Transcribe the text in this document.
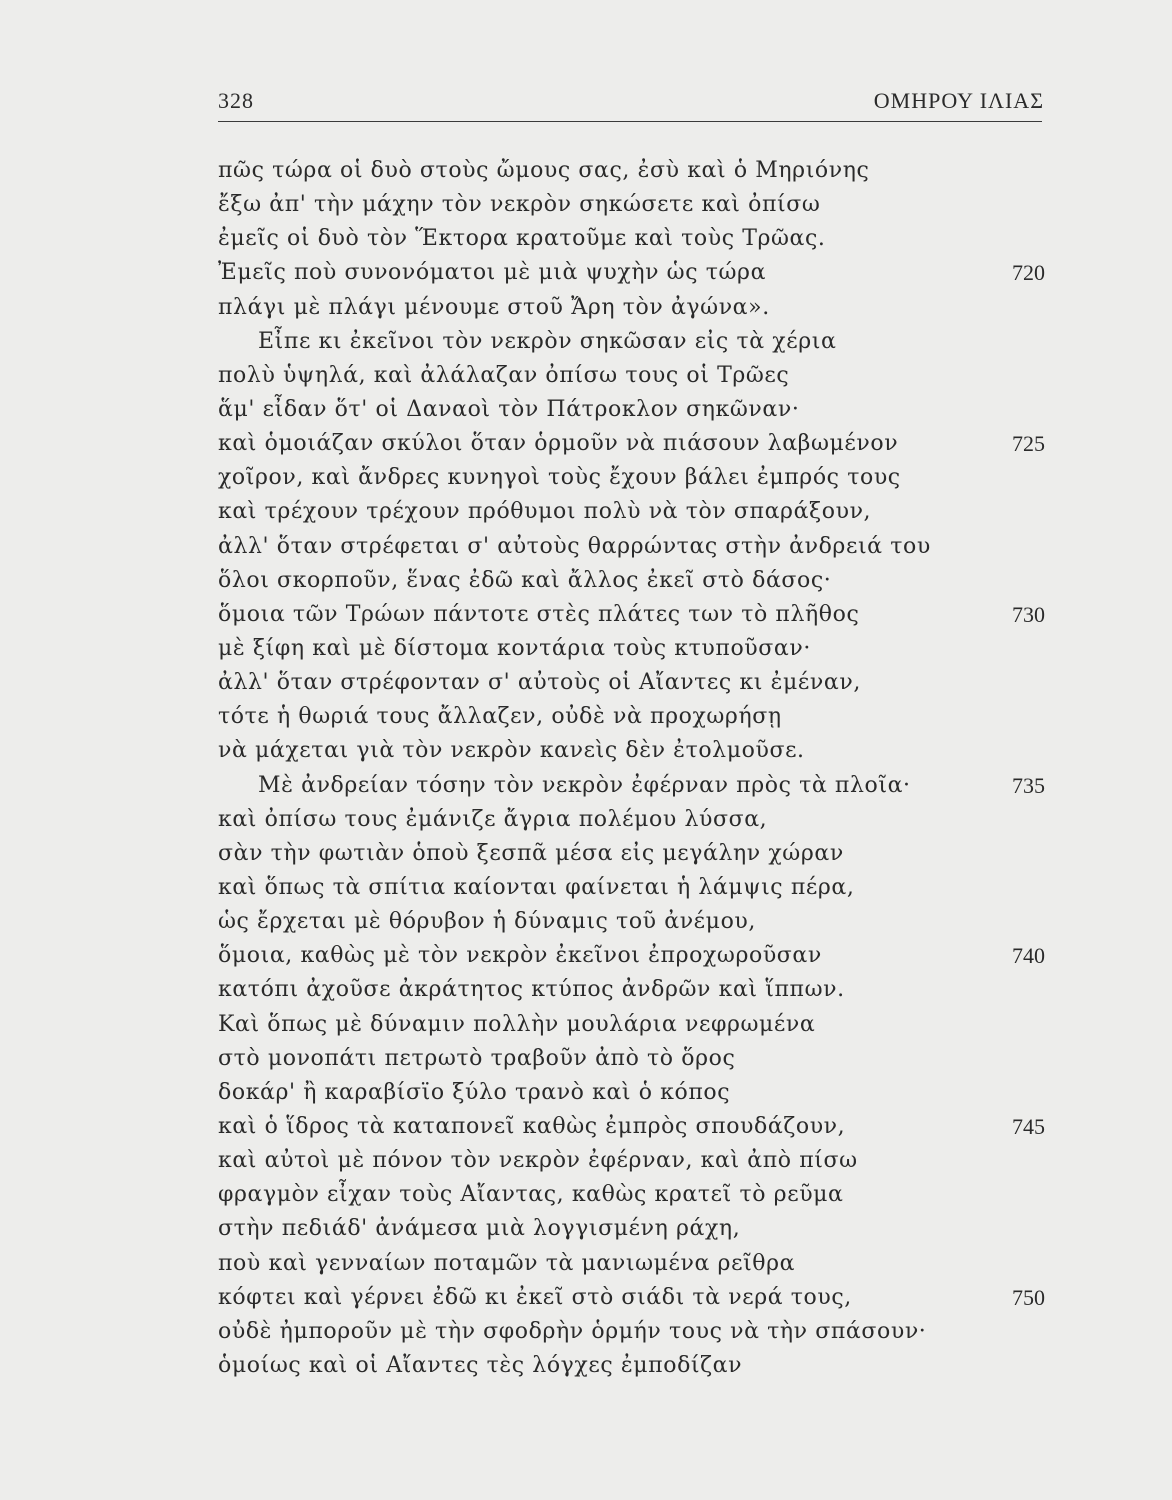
328	ΟΜΗΡΟΥ ΙΛΙΑΣ
πῶς τώρα οἱ δυὸ στοὺς ὤμους σας, ἐσὺ καὶ ὁ Μηριόνης
ἔξω ἀπ' τὴν μάχην τὸν νεκρὸν σηκώσετε καὶ ὀπίσω
ἐμεῖς οἱ δυὸ τὸν Ἕκτορα κρατοῦμε καὶ τοὺς Τρῶας.
Ἐμεῖς ποὺ συνονόματοι μὲ μιὰ ψυχὴν ὡς τώρα	720
πλάγι μὲ πλάγι μένουμε στοῦ Ἄρη τὸν ἀγώνα».
Εἶπε κι ἐκεῖνοι τὸν νεκρὸν σηκῶσαν εἰς τὰ χέρια
πολὺ ὑψηλά, καὶ ἀλάλαζαν ὀπίσω τους οἱ Τρῶες
ἅμ' εἶδαν ὅτ' οἱ Δαναοὶ τὸν Πάτροκλον σηκῶναν·
καὶ ὁμοιάζαν σκύλοι ὅταν ὁρμοῦν νὰ πιάσουν λαβωμένον	725
χοῖρον, καὶ ἄνδρες κυνηγοὶ τοὺς ἔχουν βάλει ἐμπρός τους
καὶ τρέχουν τρέχουν πρόθυμοι πολὺ νὰ τὸν σπαράξουν,
ἀλλ' ὅταν στρέφεται σ' αὐτοὺς θαρρώντας στὴν ἀνδρειά του
ὅλοι σκορποῦν, ἕνας ἐδῶ καὶ ἄλλος ἐκεῖ στὸ δάσος·
ὅμοια τῶν Τρώων πάντοτε στὲς πλάτες των τὸ πλῆθος	730
μὲ ξίφη καὶ μὲ δίστομα κοντάρια τοὺς κτυποῦσαν·
ἀλλ' ὅταν στρέφονταν σ' αὐτοὺς οἱ Αἴαντες κι ἐμέναν,
τότε ἡ θωριά τους ἄλλαζεν, οὐδὲ νὰ προχωρήσῃ
νὰ μάχεται γιὰ τὸν νεκρὸν κανεὶς δὲν ἐτολμοῦσε.
Μὲ ἀνδρείαν τόσην τὸν νεκρὸν ἐφέρναν πρὸς τὰ πλοῖα·	735
καὶ ὀπίσω τους ἐμάνιζε ἄγρια πολέμου λύσσα,
σὰν τὴν φωτιὰν ὁποὺ ξεσπᾶ μέσα εἰς μεγάλην χώραν
καὶ ὅπως τὰ σπίτια καίονται φαίνεται ἡ λάμψις πέρα,
ὡς ἔρχεται μὲ θόρυβον ἡ δύναμις τοῦ ἀνέμου,
ὅμοια, καθὼς μὲ τὸν νεκρὸν ἐκεῖνοι ἐπροχωροῦσαν	740
κατόπι ἀχοῦσε ἀκράτητος κτύπος ἀνδρῶν καὶ ἵππων.
Καὶ ὅπως μὲ δύναμιν πολλὴν μουλάρια νεφρωμένα
στὸ μονοπάτι πετρωτὸ τραβοῦν ἀπὸ τὸ ὅρος
δοκάρ' ἢ καραβίσϊο ξύλο τρανὸ καὶ ὁ κόπος
καὶ ὁ ἵδρος τὰ καταπονεῖ καθὼς ἐμπρὸς σπουδάζουν,	745
καὶ αὐτοὶ μὲ πόνον τὸν νεκρὸν ἐφέρναν, καὶ ἀπὸ πίσω
φραγμὸν εἶχαν τοὺς Αἴαντας, καθὼς κρατεῖ τὸ ρεῦμα
στὴν πεδιάδ' ἀνάμεσα μιὰ λογγισμένη ράχη,
ποὺ καὶ γενναίων ποταμῶν τὰ μανιωμένα ρεῖθρα
κόφτει καὶ γέρνει ἐδῶ κι ἐκεῖ στὸ σιάδι τὰ νερά τους,	750
οὐδὲ ἠμποροῦν μὲ τὴν σφοδρὴν ὁρμήν τους νὰ τὴν σπάσουν·
ὁμοίως καὶ οἱ Αἴαντες τὲς λόγχες ἐμποδίζαν
